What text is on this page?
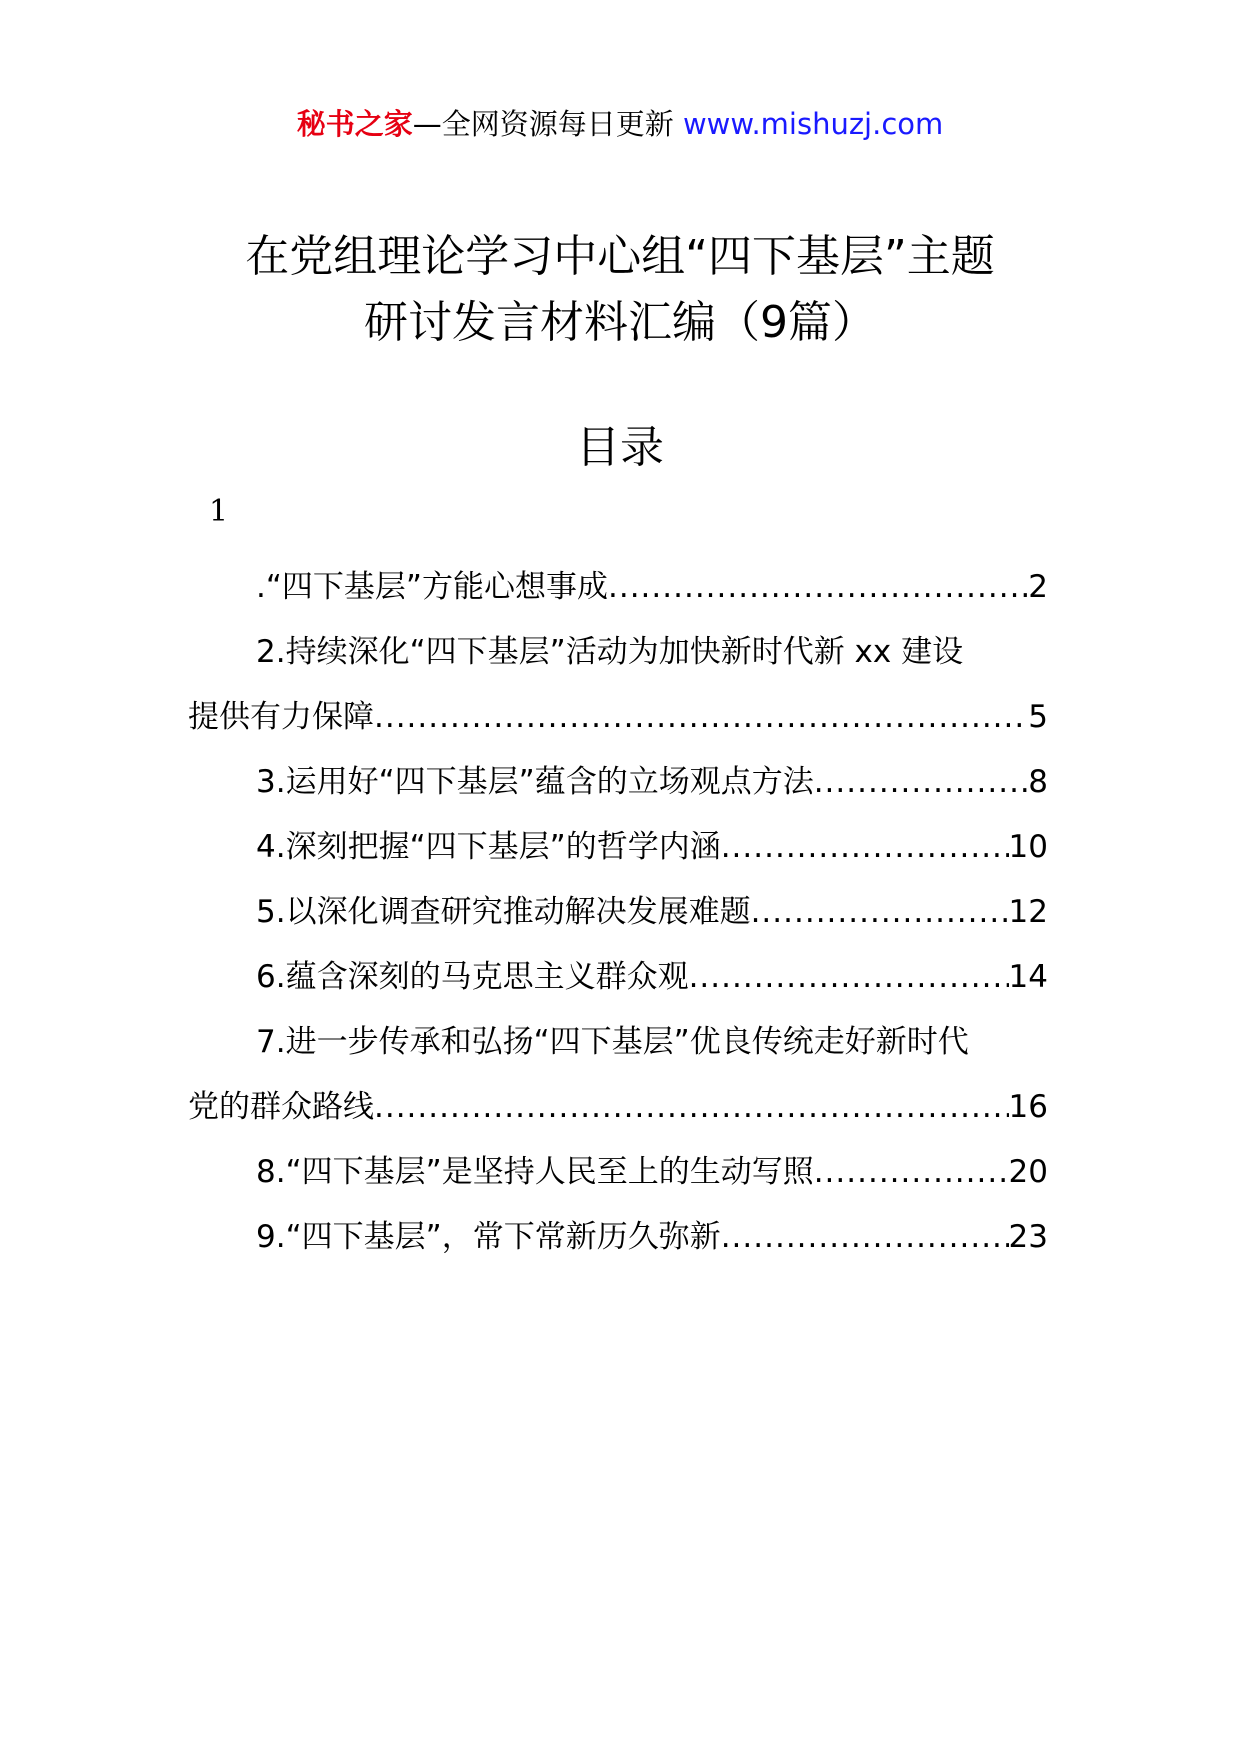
秘书之家—全网资源每日更新 www.mishuzj.com
在党组理论学习中心组“四下基层”主题
研讨发言材料汇编（9篇）
目录
1
.“四下基层”方能心想事成 .....	2
2.持续深化“四下基层”活动为加快新时代新 xx 建设
提供有力保障 .....	5
3.运用好“四下基层”蕴含的立场观点方法 .....	8
4.深刻把握“四下基层”的哲学内涵 .....	10
5.以深化调查研究推动解决发展难题 .....	12
6.蕴含深刻的马克思主义群众观 .....	14
7.进一步传承和弘扬“四下基层”优良传统走好新时代
党的群众路线 .....	16
8.“四下基层”是坚持人民至上的生动写照 .....	20
9.“四下基层”，常下常新历久弥新 .....	23
